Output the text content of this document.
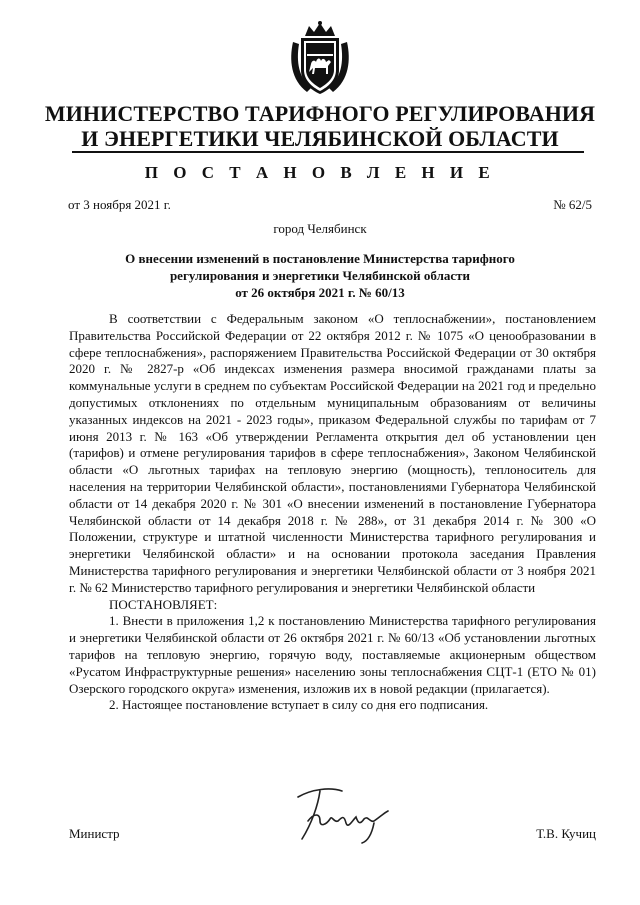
МИНИСТЕРСТВО ТАРИФНОГО РЕГУЛИРОВАНИЯ
И ЭНЕРГЕТИКИ ЧЕЛЯБИНСКОЙ ОБЛАСТИ
П О С Т А Н О В Л Е Н И Е
от 3 ноября 2021 г.	№ 62/5
город Челябинск
О внесении изменений в постановление Министерства тарифного
регулирования и энергетики Челябинской области
от 26 октября 2021 г. № 60/13

В соответствии с Федеральным законом «О теплоснабжении», постановлением Правительства Российской Федерации от 22 октября 2012 г. № 1075 «О ценообразовании в сфере теплоснабжения», распоряжением Правительства Российской Федерации от 30 октября 2020 г. № 2827-р «Об индексах изменения размера вносимой гражданами платы за коммунальные услуги в среднем по субъектам Российской Федерации на 2021 год и предельно допустимых отклонениях по отдельным муниципальным образованиям от величины указанных индексов на 2021 - 2023 годы», приказом Федеральной службы по тарифам от 7 июня 2013 г. № 163 «Об утверждении Регламента открытия дел об установлении цен (тарифов) и отмене регулирования тарифов в сфере теплоснабжения», Законом Челябинской области «О льготных тарифах на тепловую энергию (мощность), теплоноситель для населения на территории Челябинской области», постановлениями Губернатора Челябинской области от 14 декабря 2020 г. № 301 «О внесении изменений в постановление Губернатора Челябинской области от 14 декабря 2018 г. № 288», от 31 декабря 2014 г. № 300 «О Положении, структуре и штатной численности Министерства тарифного регулирования и энергетики Челябинской области» и на основании протокола заседания Правления Министерства тарифного регулирования и энергетики Челябинской области от 3 ноября 2021 г. № 62 Министерство тарифного регулирования и энергетики Челябинской области

ПОСТАНОВЛЯЕТ:

1. Внести в приложения 1,2 к постановлению Министерства тарифного регулирования и энергетики Челябинской области от 26 октября 2021 г. № 60/13 «Об установлении льготных тарифов на тепловую энергию, горячую воду, поставляемые акционерным обществом «Русатом Инфраструктурные решения» населению зоны теплоснабжения СЦТ-1 (ЕТО № 01) Озерского городского округа» изменения, изложив их в новой редакции (прилагается).

2. Настоящее постановление вступает в силу со дня его подписания.

Министр	Т.В. Кучиц
